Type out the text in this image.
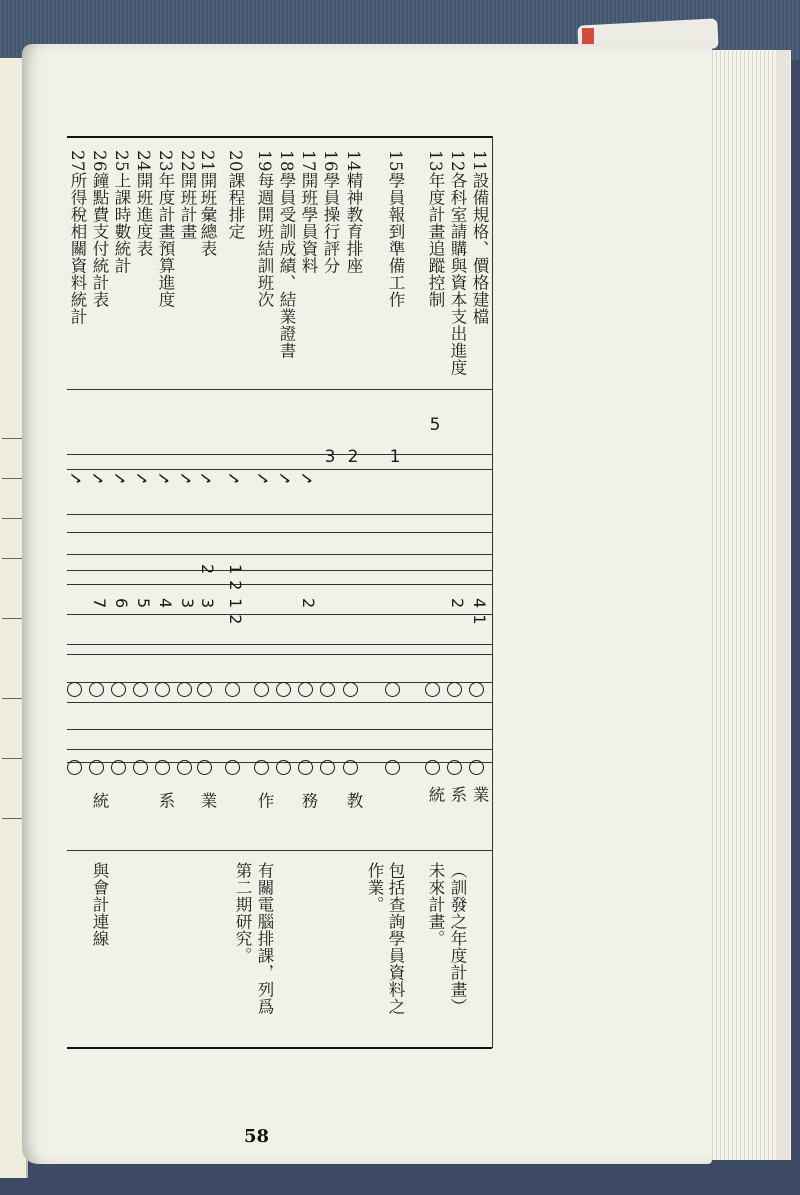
11設備規格、價格建檔
4 1
業
12各科室請購與資本支出進度
2
系
13年度計畫追蹤控制
5
統
15學員報到準備工作
1
14精神教育排座
2
教
16學員操行評分
3
17開班學員資料
✓
2
務
18學員受訓成績、結業證書
✓
19每週開班結訓班次
✓
作
20課程排定
✓
1 2
1 2
21開班彙總表
✓
2
3
業
22開班計畫
✓
3
23年度計畫預算進度
✓
4
系
24開班進度表
✓
5
25上課時數統計
✓
6
26鐘點費支付統計表
✓
7
統
27所得稅相關資料統計
✓
（訓發之年度計畫）
未來計畫。
包括查詢學員資料之
作業。
有關電腦排課，列爲
第二期研究。
與會計連線
58
